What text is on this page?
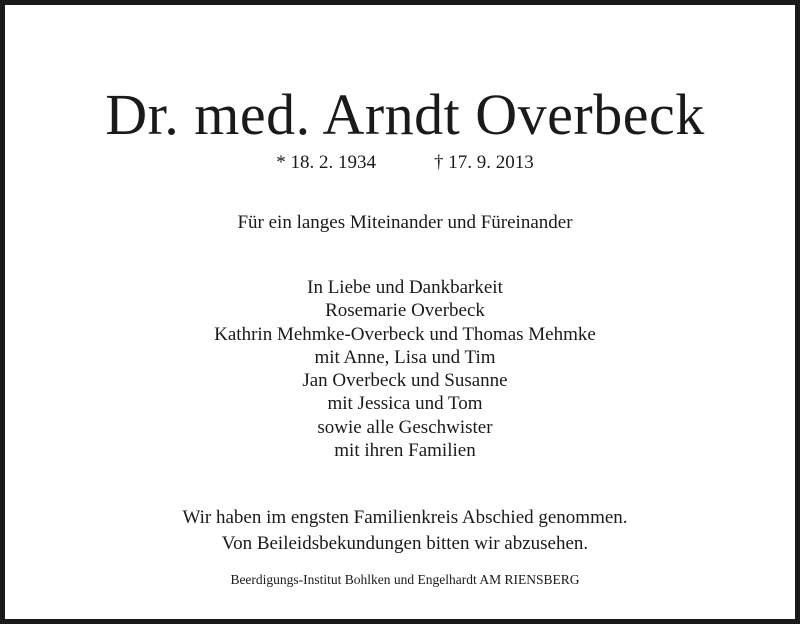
Dr. med. Arndt Overbeck
* 18. 2. 1934	† 17. 9. 2013
Für ein langes Miteinander und Füreinander
In Liebe und Dankbarkeit
Rosemarie Overbeck
Kathrin Mehmke-Overbeck und Thomas Mehmke
mit Anne, Lisa und Tim
Jan Overbeck und Susanne
mit Jessica und Tom
sowie alle Geschwister
mit ihren Familien
Wir haben im engsten Familienkreis Abschied genommen.
Von Beileidsbekundungen bitten wir abzusehen.
Beerdigungs-Institut Bohlken und Engelhardt AM RIENSBERG
